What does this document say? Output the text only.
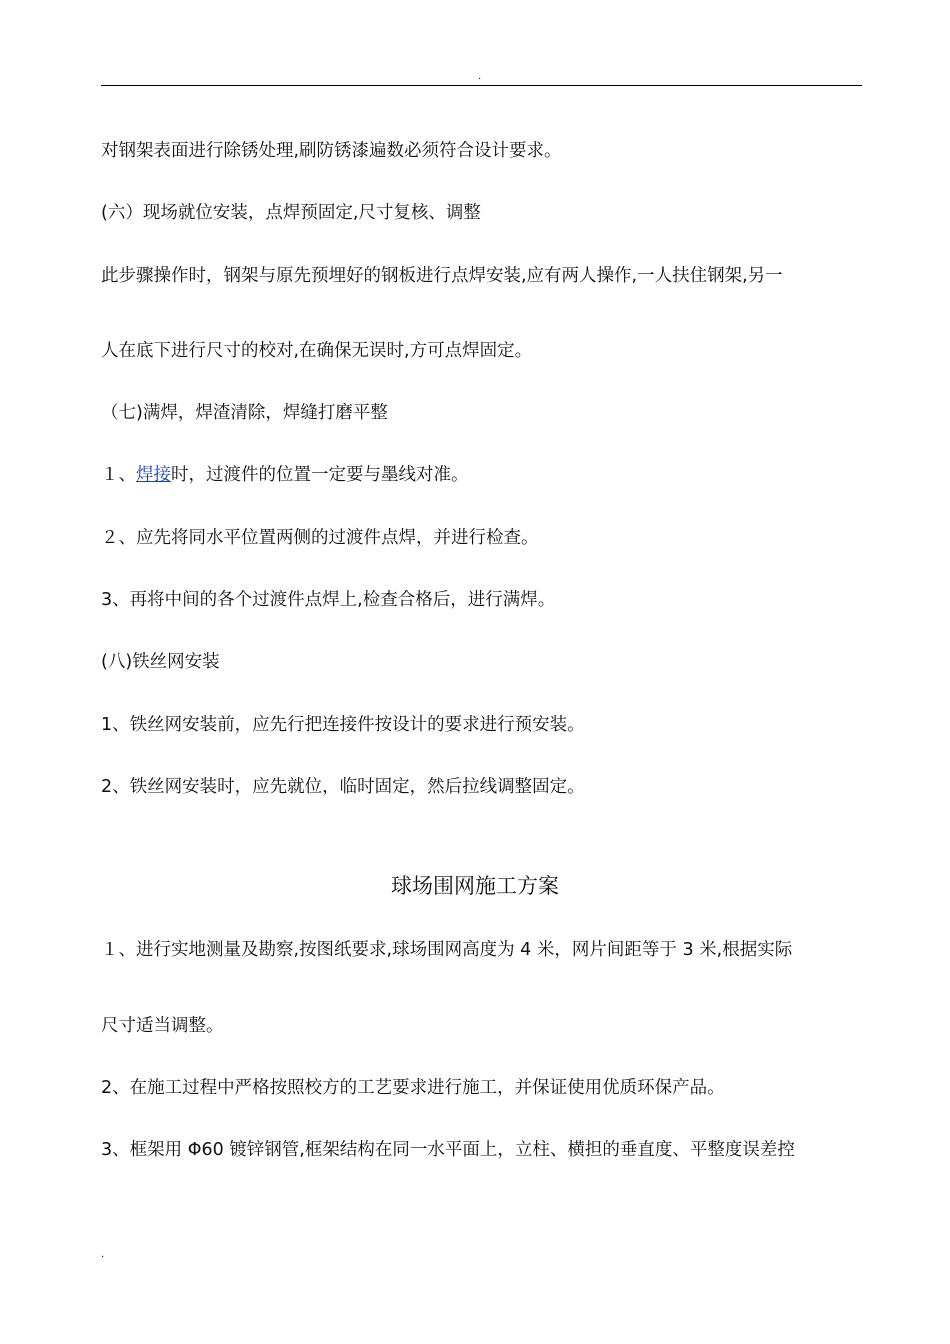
.
对钢架表面进行除锈处理,刷防锈漆遍数必须符合设计要求。
(六）现场就位安装，点焊预固定,尺寸复核、调整
此步骤操作时，钢架与原先预埋好的钢板进行点焊安装,应有两人操作,一人扶住钢架,另一
人在底下进行尺寸的校对,在确保无误时,方可点焊固定。
（七)满焊，焊渣清除，焊缝打磨平整
１、焊接时，过渡件的位置一定要与墨线对准。
２、应先将同水平位置两侧的过渡件点焊，并进行检查。
3、再将中间的各个过渡件点焊上,检查合格后，进行满焊。
(八)铁丝网安装
1、铁丝网安装前，应先行把连接件按设计的要求进行预安装。
2、铁丝网安装时，应先就位，临时固定，然后拉线调整固定。
球场围网施工方案
１、进行实地测量及勘察,按图纸要求,球场围网高度为 4 米，网片间距等于 3 米,根据实际
尺寸适当调整。
2、在施工过程中严格按照校方的工艺要求进行施工，并保证使用优质环保产品。
3、框架用 Φ60 镀锌钢管,框架结构在同一水平面上，立柱、横担的垂直度、平整度误差控
.
